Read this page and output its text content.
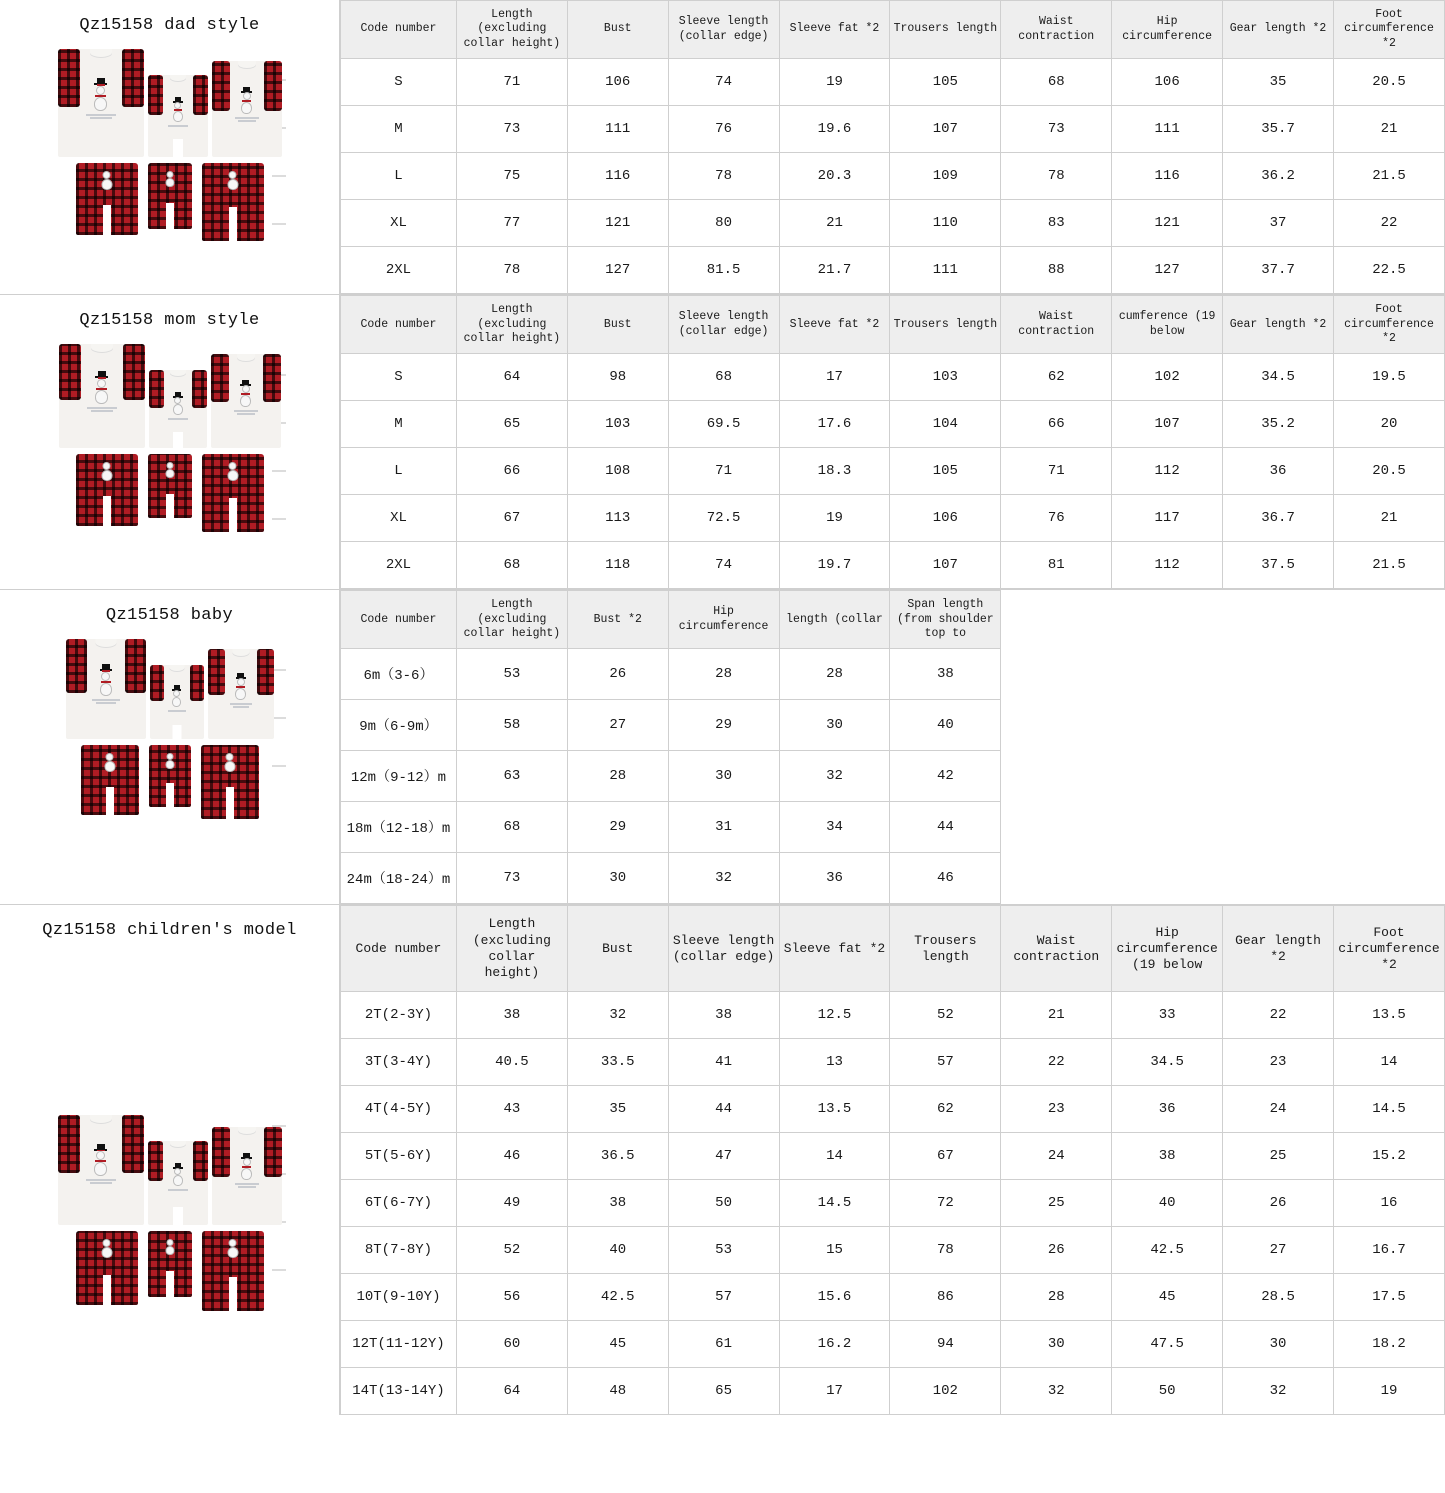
Qz15158 dad style	Code number	Length (excluding collar height)	Bust	Sleeve length (collar edge)	Sleeve fat *2	Trousers length	Waist contraction	Hip circumference	Gear length *2	Foot circumference *2
S	71	106	74	19	105	68	106	35	20.5
M	73	111	76	19.6	107	73	111	35.7	21
L	75	116	78	20.3	109	78	116	36.2	21.5
XL	77	121	80	21	110	83	121	37	22
2XL	78	127	81.5	21.7	111	88	127	37.7	22.5
Qz15158 mom style	Code number	Length (excluding collar height)	Bust	Sleeve length (collar edge)	Sleeve fat *2	Trousers length	Waist contraction	cumference (19 below	Gear length *2	Foot circumference *2
S	64	98	68	17	103	62	102	34.5	19.5
M	65	103	69.5	17.6	104	66	107	35.2	20
L	66	108	71	18.3	105	71	112	36	20.5
XL	67	113	72.5	19	106	76	117	36.7	21
2XL	68	118	74	19.7	107	81	112	37.5	21.5
Qz15158 baby	Code number	Length (excluding collar height)	Bust *2	Hip circumference	length (collar	Span length (from shoulder top to				
6m（3-6）	53	26	28	28	38				
9m（6-9m）	58	27	29	30	40				
12m（9-12）m	63	28	30	32	42				
18m（12-18）m	68	29	31	34	44				
24m（18-24）m	73	30	32	36	46				
Qz15158 children's model
Code number	Length (excluding collar height)	Bust	Sleeve length (collar edge)	Sleeve fat *2	Trousers length	Waist contraction	Hip circumference (19 below	Gear length *2	Foot circumference *2
2T(2-3Y)	38	32	38	12.5	52	21	33	22	13.5
3T(3-4Y)	40.5	33.5	41	13	57	22	34.5	23	14
4T(4-5Y)	43	35	44	13.5	62	23	36	24	14.5
5T(5-6Y)	46	36.5	47	14	67	24	38	25	15.2
6T(6-7Y)	49	38	50	14.5	72	25	40	26	16
8T(7-8Y)	52	40	53	15	78	26	42.5	27	16.7
10T(9-10Y)	56	42.5	57	15.6	86	28	45	28.5	17.5
12T(11-12Y)	60	45	61	16.2	94	30	47.5	30	18.2
14T(13-14Y)	64	48	65	17	102	32	50	32	19
